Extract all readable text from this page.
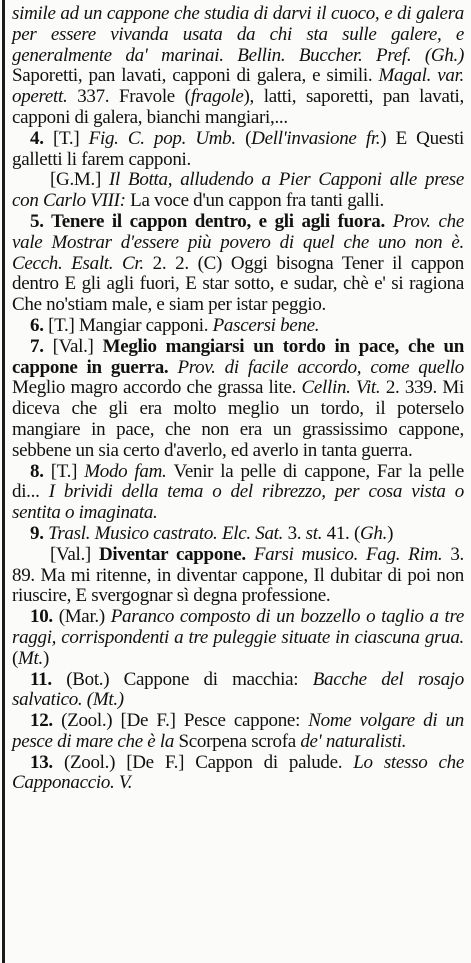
simile ad un cappone che studia di darvi il cuoco, e di galera per essere vivanda usata da chi sta sulle galere, e generalmente da' marinai. Bellin. Buccher. Pref. (Gh.) Saporetti, pan lavati, capponi di galera, e simili. Magal. var. operett. 337. Fravole (fragole), latti, saporetti, pan lavati, capponi di galera, bianchi mangiari,...

4. [T.] Fig. C. pop. Umb. (Dell'invasione fr.) E Questi galletti li farem capponi.

[G.M.] Il Botta, alludendo a Pier Capponi alle prese con Carlo VIII: La voce d'un cappon fra tanti galli.

5. Tenere il cappon dentro, e gli agli fuora. Prov. che vale Mostrar d'essere più povero di quel che uno non è. Cecch. Esalt. Cr. 2. 2. (C) Oggi bisogna Tener il cappon dentro E gli agli fuori, E star sotto, e sudar, chè e' si ragiona Che no'stiam male, e siam per istar peggio.

6. [T.] Mangiar capponi. Pascersi bene.

7. [Val.] Meglio mangiarsi un tordo in pace, che un cappone in guerra. Prov. di facile accordo, come quello Meglio magro accordo che grassa lite. Cellin. Vit. 2. 339. Mi diceva che gli era molto meglio un tordo, il poterselo mangiare in pace, che non era un grassissimo cappone, sebbene un sia certo d'averlo, ed averlo in tanta guerra.

8. [T.] Modo fam. Venir la pelle di cappone, Far la pelle di... I brividi della tema o del ribrezzo, per cosa vista o sentita o imaginata.

9. Trasl. Musico castrato. Elc. Sat. 3. st. 41. (Gh.)

[Val.] Diventar cappone. Farsi musico. Fag. Rim. 3. 89. Ma mi ritenne, in diventar cappone, Il dubitar di poi non riuscire, E svergognar sì degna professione.

10. (Mar.) Paranco composto di un bozzello o taglio a tre raggi, corrispondenti a tre puleggie situate in ciascuna grua. (Mt.)

11. (Bot.) Cappone di macchia: Bacche del rosajo salvatico. (Mt.)

12. (Zool.) [De F.] Pesce cappone: Nome volgare di un pesce di mare che è la Scorpena scrofa de' naturalisti.

13. (Zool.) [De F.] Cappon di palude. Lo stesso che Capponaccio. V.
